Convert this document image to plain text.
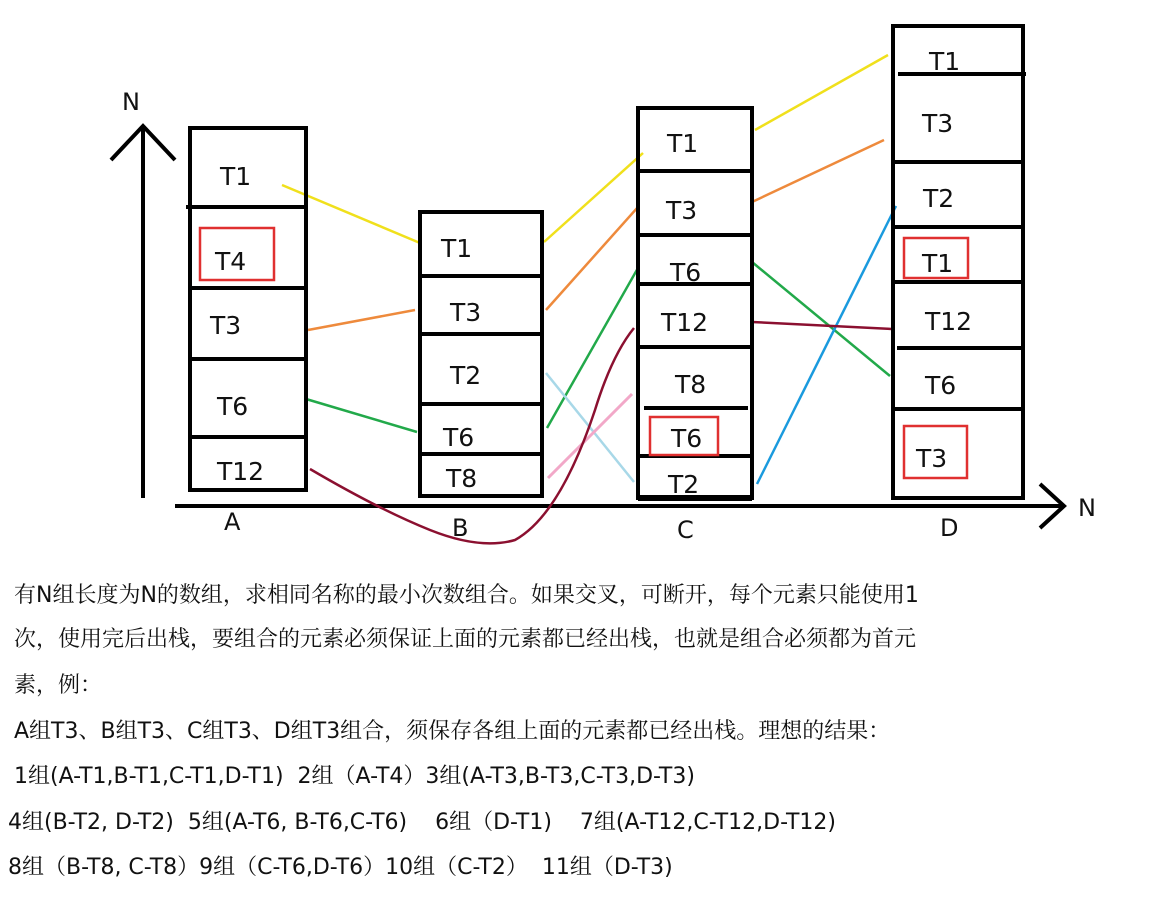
N
N
T1
T4
T3
T6
T12
A
T1
T3
T2
T6
T8
B
T1
T3
T6
T12
T8
T6
T2
C
T1
T3
T2
T1
T12
T6
T3
D
有N组长度为N的数组，求相同名称的最小次数组合。如果交叉，可断开，每个元素只能使用1
次，使用完后出栈，要组合的元素必须保证上面的元素都已经出栈，也就是组合必须都为首元
素，例：
A组T3、B组T3、C组T3、D组T3组合，须保存各组上面的元素都已经出栈。理想的结果：
1组(A-T1,B-T1,C-T1,D-T1)  2组（A-T4）3组(A-T3,B-T3,C-T3,D-T3)
4组(B-T2, D-T2)  5组(A-T6, B-T6,C-T6)    6组（D-T1)    7组(A-T12,C-T12,D-T12)
8组（B-T8, C-T8）9组（C-T6,D-T6）10组（C-T2）  11组（D-T3)
